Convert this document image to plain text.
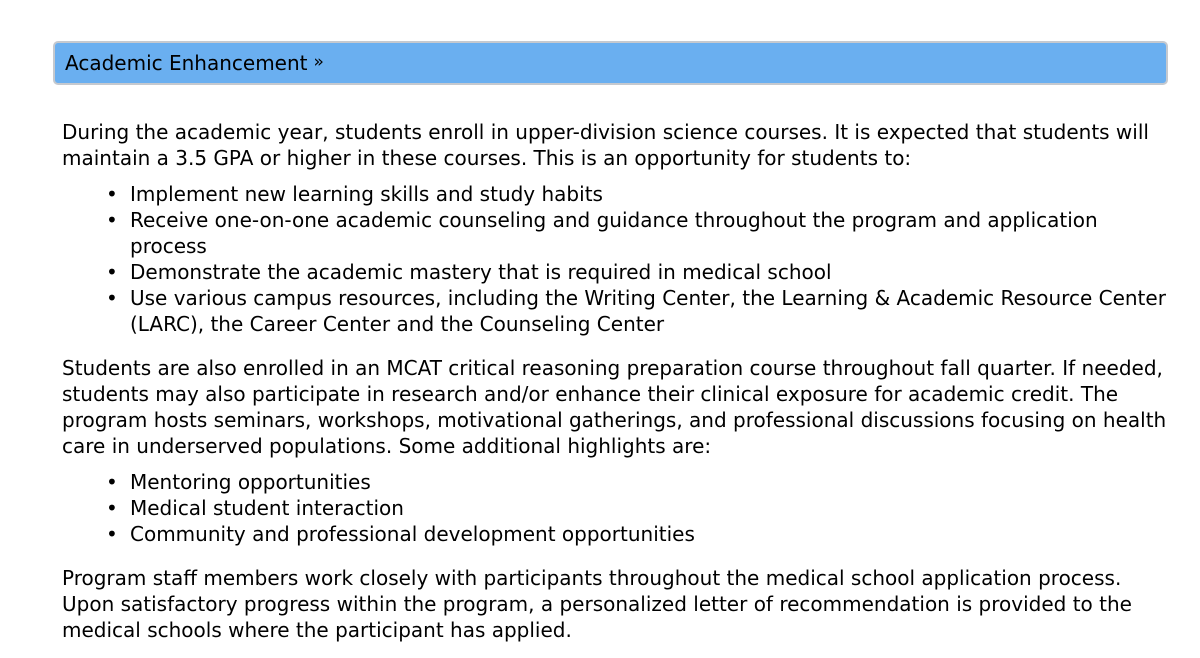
Academic Enhancement »

During the academic year, students enroll in upper-division science courses. It is expected that students will maintain a 3.5 GPA or higher in these courses. This is an opportunity for students to:

• Implement new learning skills and study habits
• Receive one-on-one academic counseling and guidance throughout the program and application process
• Demonstrate the academic mastery that is required in medical school
• Use various campus resources, including the Writing Center, the Learning & Academic Resource Center (LARC), the Career Center and the Counseling Center

Students are also enrolled in an MCAT critical reasoning preparation course throughout fall quarter. If needed, students may also participate in research and/or enhance their clinical exposure for academic credit. The program hosts seminars, workshops, motivational gatherings, and professional discussions focusing on health care in underserved populations. Some additional highlights are:

• Mentoring opportunities
• Medical student interaction
• Community and professional development opportunities

Program staff members work closely with participants throughout the medical school application process. Upon satisfactory progress within the program, a personalized letter of recommendation is provided to the medical schools where the participant has applied.
